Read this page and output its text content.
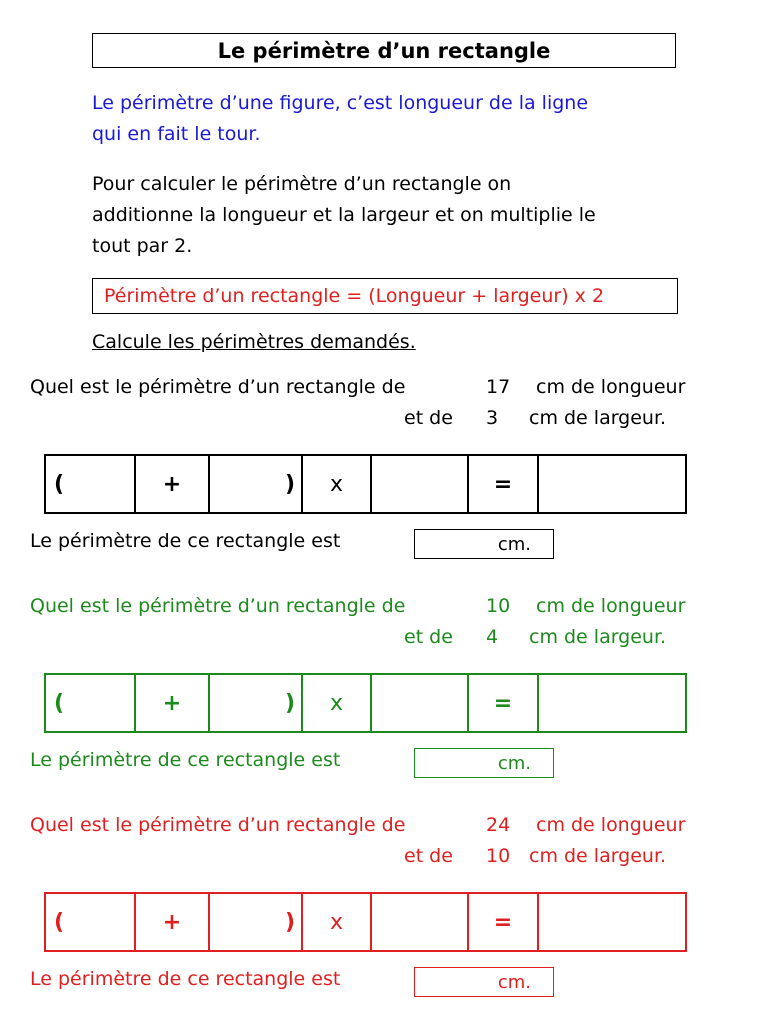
Le périmètre d’un rectangle
Le périmètre d’une figure, c’est longueur de la ligne
qui en fait le tour.
Pour calculer le périmètre d’un rectangle on
additionne la longueur et la largeur et on multiplie le
tout par 2.
Périmètre d’un rectangle = (Longueur + largeur) x 2
Calcule les périmètres demandés.
Quel est le périmètre d’un rectangle de	17 cm de longueur
et de 3 cm de largeur.
(	+	)	x	=
Le périmètre de ce rectangle est	cm.
Quel est le périmètre d’un rectangle de	10 cm de longueur
et de 4 cm de largeur.
(	+	)	x	=
Le périmètre de ce rectangle est	cm.
Quel est le périmètre d’un rectangle de	24 cm de longueur
et de 10 cm de largeur.
(	+	)	x	=
Le périmètre de ce rectangle est	cm.
